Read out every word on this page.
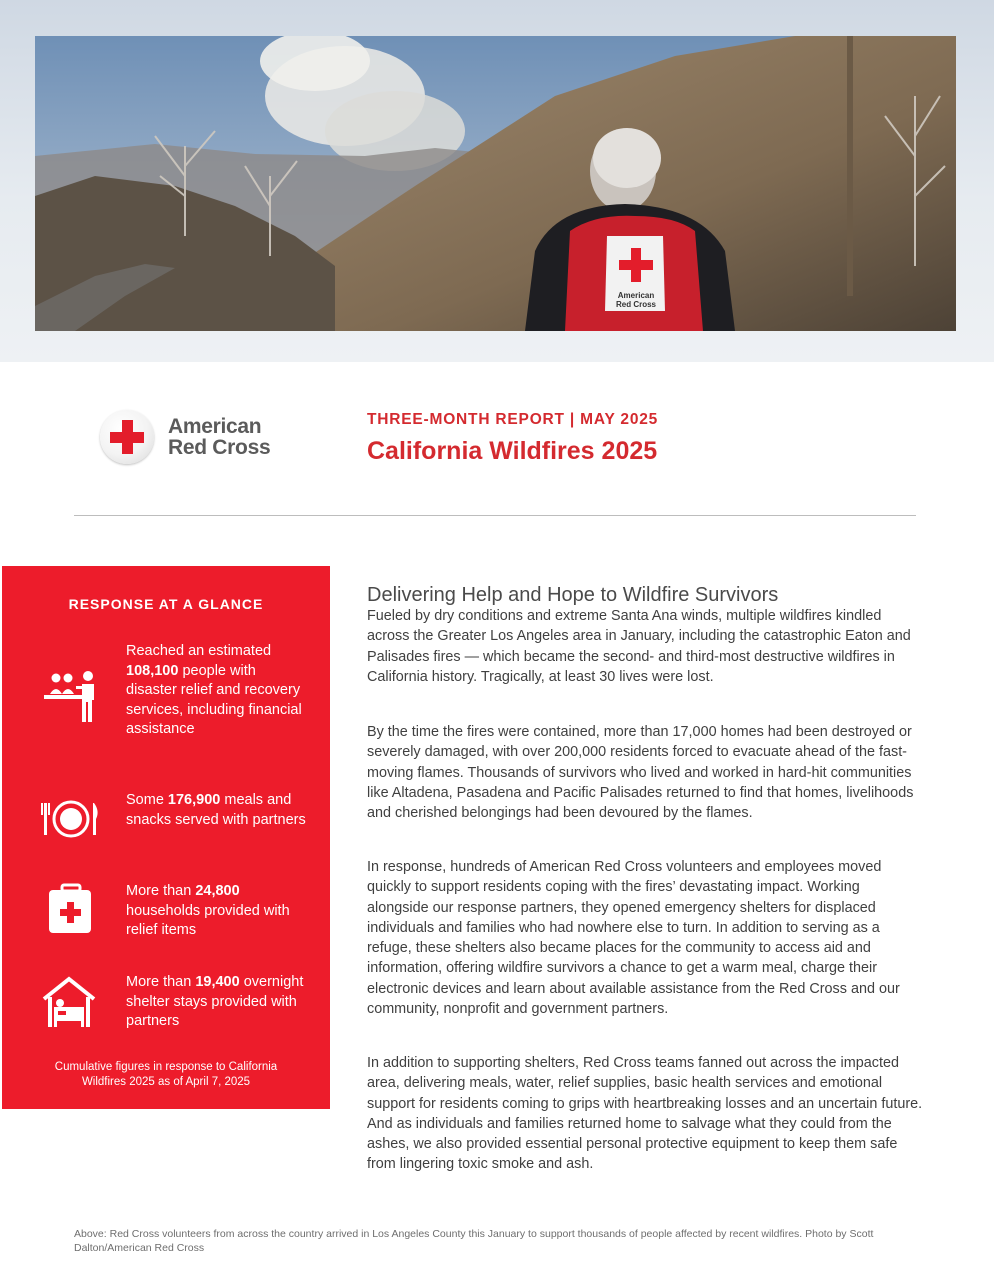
American
Red Cross
American
Red Cross
THREE-MONTH REPORT | MAY 2025
California Wildfires 2025
RESPONSE AT A GLANCE
Reached an estimated 108,100 people with disaster relief and recovery services, including financial assistance
Some 176,900 meals and snacks served with partners
More than 24,800 households provided with relief items
More than 19,400 overnight shelter stays provided with partners
Cumulative figures in response to California Wildfires 2025 as of April 7, 2025
Delivering Help and Hope to Wildfire Survivors

Fueled by dry conditions and extreme Santa Ana winds, multiple wildfires kindled across the Greater Los Angeles area in January, including the catastrophic Eaton and Palisades fires — which became the second- and third-most destructive wildfires in California history. Tragically, at least 30 lives were lost.

By the time the fires were contained, more than 17,000 homes had been destroyed or severely damaged, with over 200,000 residents forced to evacuate ahead of the fast-moving flames. Thousands of survivors who lived and worked in hard-hit communities like Altadena, Pasadena and Pacific Palisades returned to find that homes, livelihoods and cherished belongings had been devoured by the flames.

In response, hundreds of American Red Cross volunteers and employees moved quickly to support residents coping with the fires’ devastating impact. Working alongside our response partners, they opened emergency shelters for displaced individuals and families who had nowhere else to turn. In addition to serving as a refuge, these shelters also became places for the community to access aid and information, offering wildfire survivors a chance to get a warm meal, charge their electronic devices and learn about available assistance from the Red Cross and our community, nonprofit and government partners.

In addition to supporting shelters, Red Cross teams fanned out across the impacted area, delivering meals, water, relief supplies, basic health services and emotional support for residents coming to grips with heartbreaking losses and an uncertain future. And as individuals and families returned home to salvage what they could from the ashes, we also provided essential personal protective equipment to keep them safe from lingering toxic smoke and ash.

Above: Red Cross volunteers from across the country arrived in Los Angeles County this January to support thousands of people affected by recent wildfires. Photo by Scott Dalton/American Red Cross
